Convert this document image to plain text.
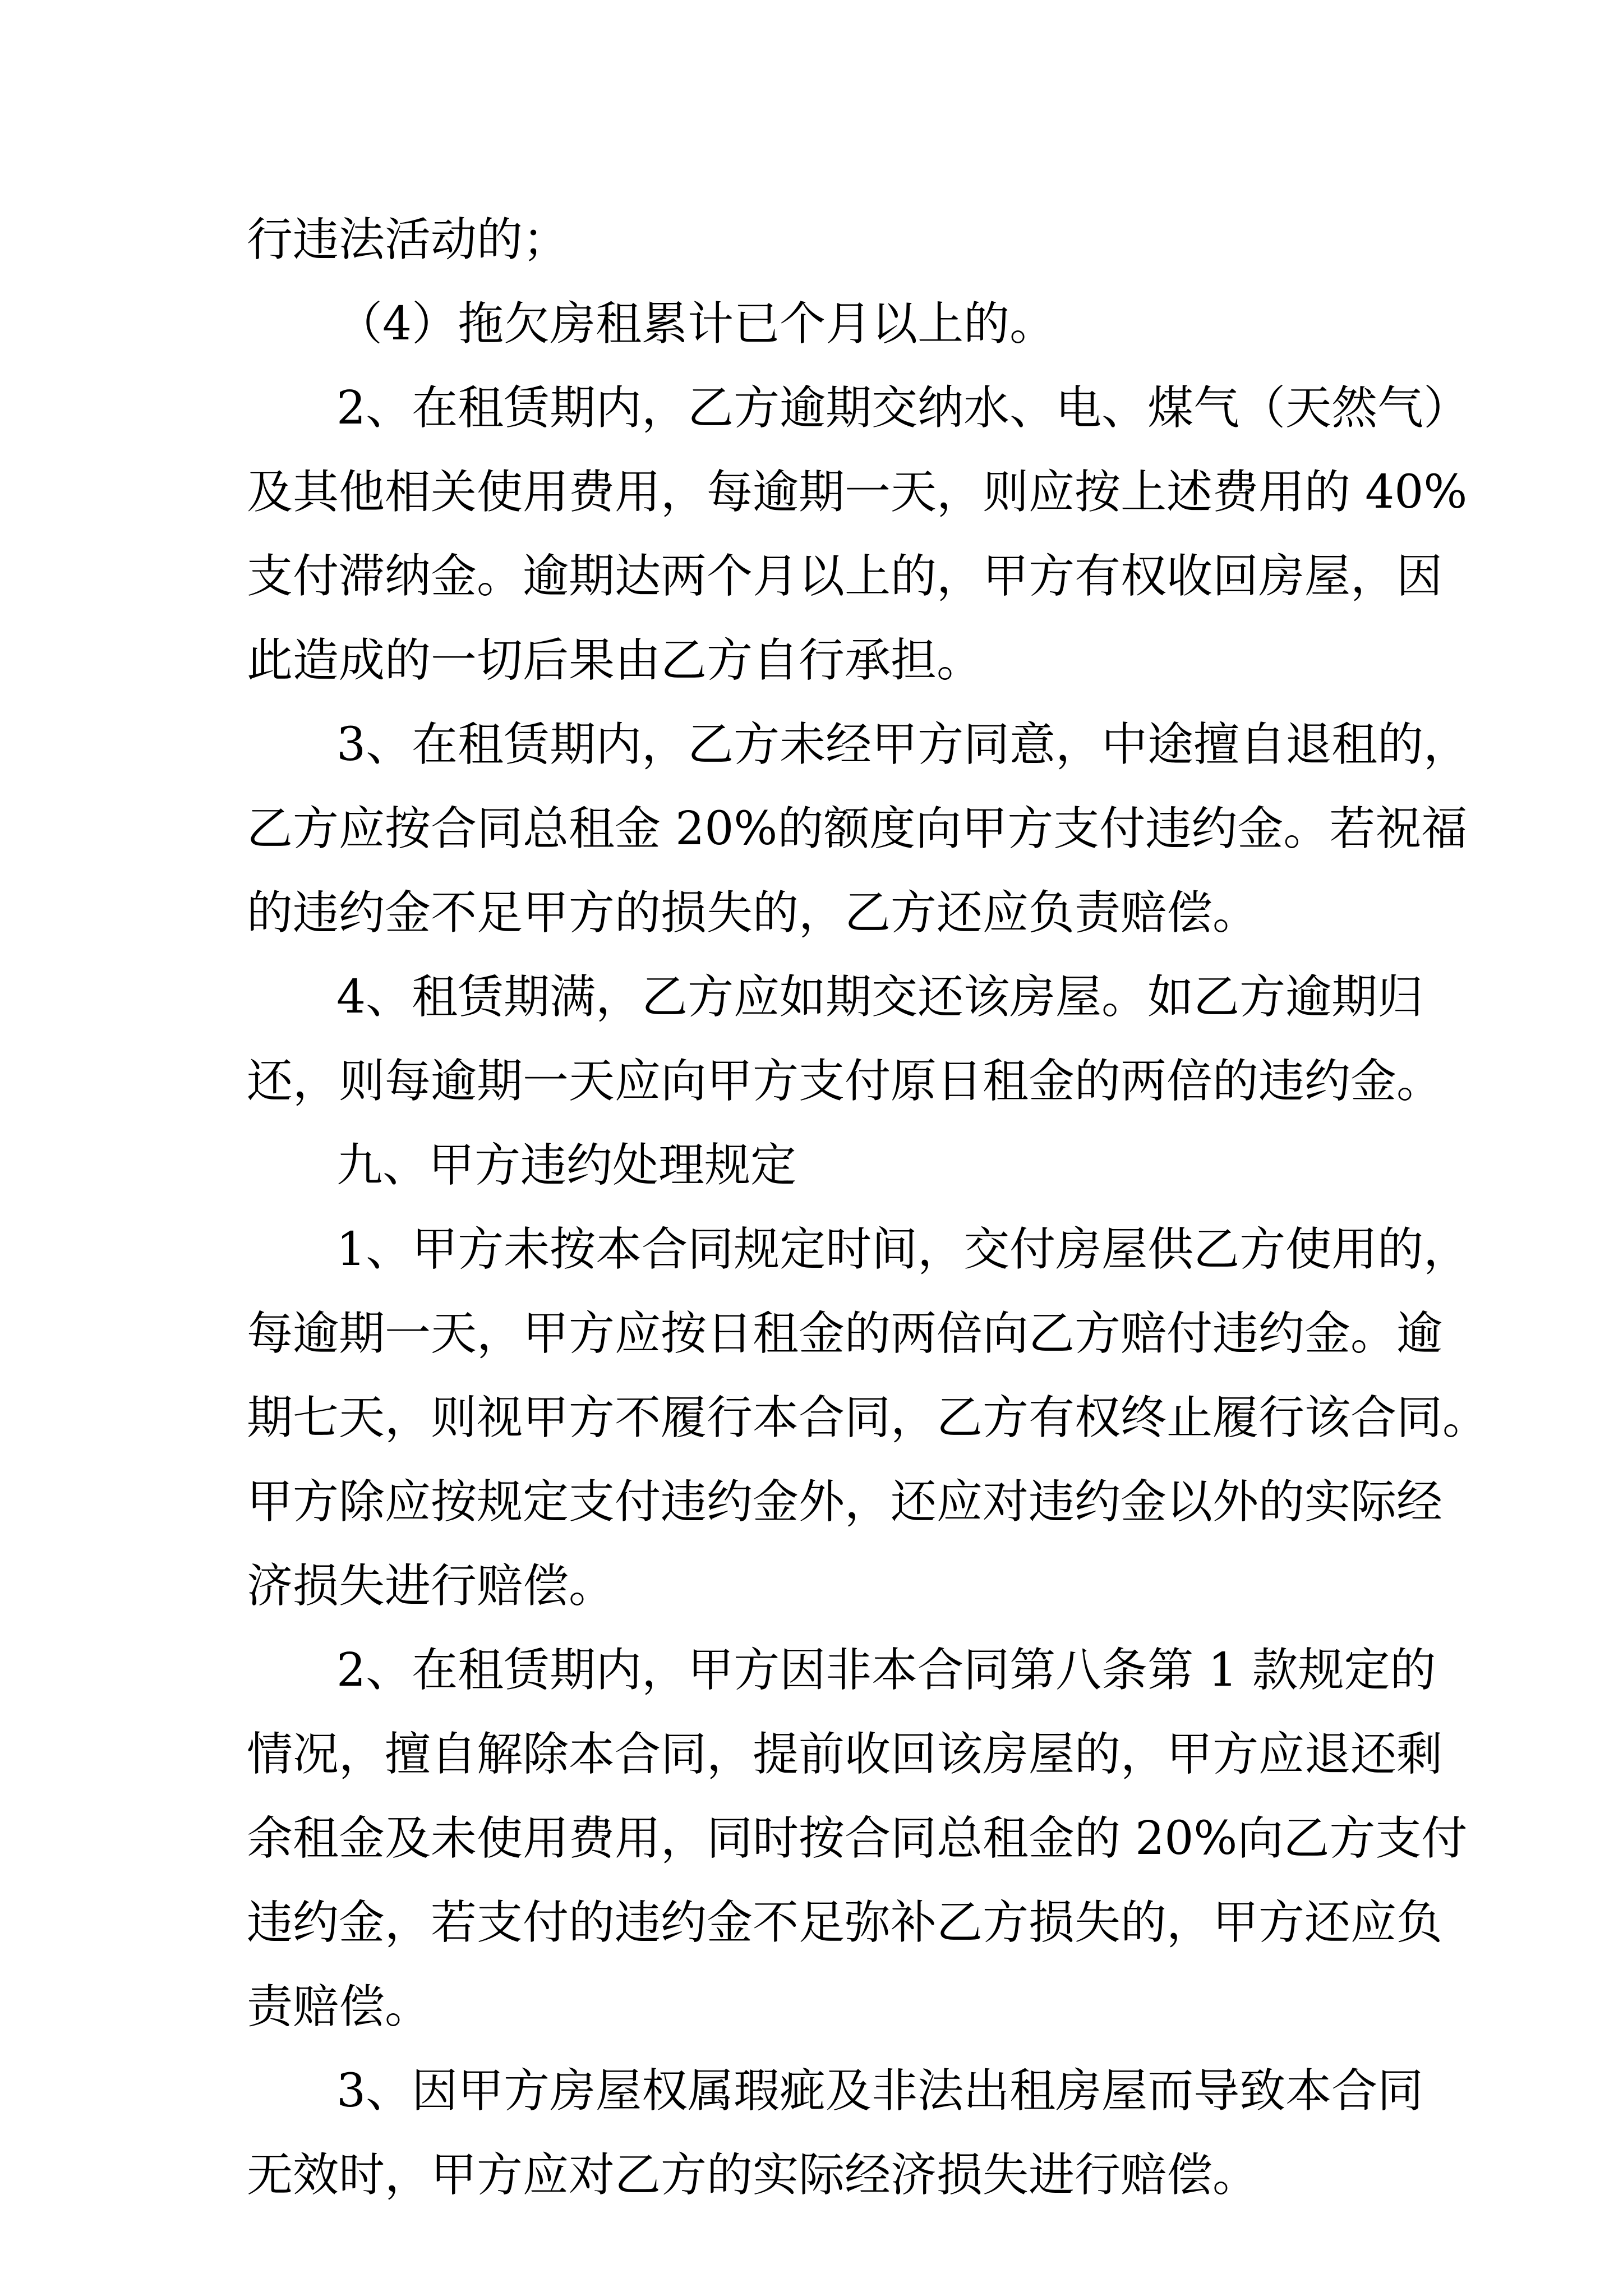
行违法活动的；
（4）拖欠房租累计已个月以上的。
2、在租赁期内，乙方逾期交纳水、电、煤气（天然气）
及其他相关使用费用，每逾期一天，则应按上述费用的 40%
支付滞纳金。逾期达两个月以上的，甲方有权收回房屋，因
此造成的一切后果由乙方自行承担。
3、在租赁期内，乙方未经甲方同意，中途擅自退租的，
乙方应按合同总租金 20%的额度向甲方支付违约金。若祝福
的违约金不足甲方的损失的，乙方还应负责赔偿。
4、租赁期满，乙方应如期交还该房屋。如乙方逾期归
还，则每逾期一天应向甲方支付原日租金的两倍的违约金。
九、甲方违约处理规定
1、甲方未按本合同规定时间，交付房屋供乙方使用的，
每逾期一天，甲方应按日租金的两倍向乙方赔付违约金。逾
期七天，则视甲方不履行本合同，乙方有权终止履行该合同。
甲方除应按规定支付违约金外，还应对违约金以外的实际经
济损失进行赔偿。
2、在租赁期内，甲方因非本合同第八条第 1 款规定的
情况，擅自解除本合同，提前收回该房屋的，甲方应退还剩
余租金及未使用费用，同时按合同总租金的 20%向乙方支付
违约金，若支付的违约金不足弥补乙方损失的，甲方还应负
责赔偿。
3、因甲方房屋权属瑕疵及非法出租房屋而导致本合同
无效时，甲方应对乙方的实际经济损失进行赔偿。
